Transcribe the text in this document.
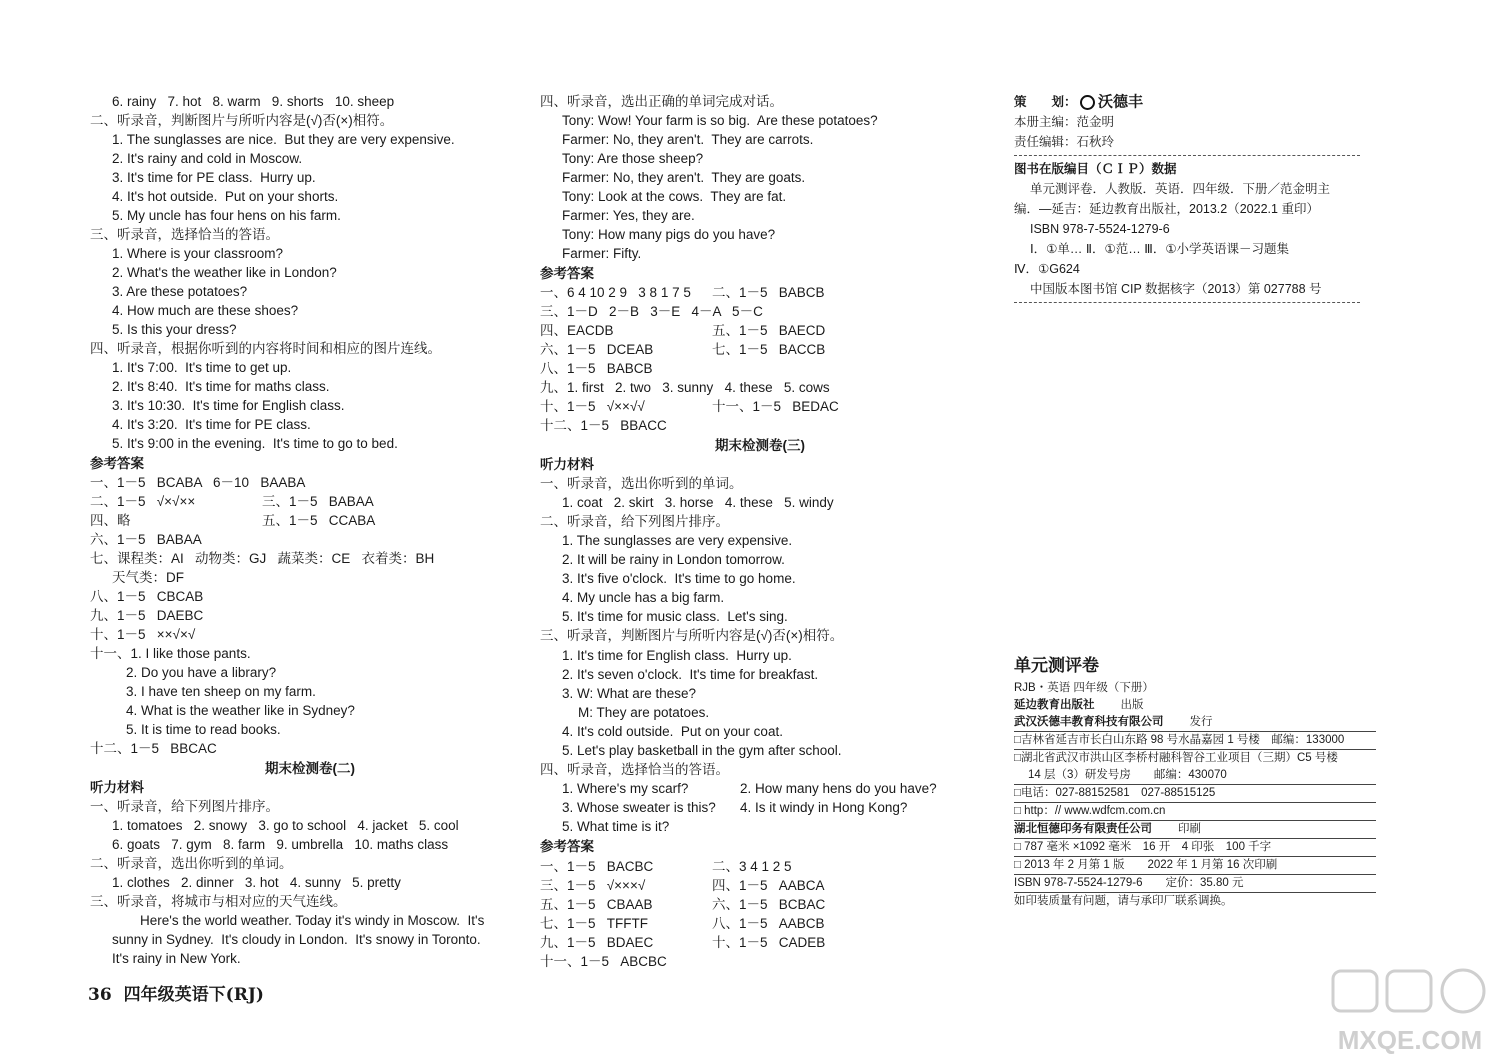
6. rainy   7. hot   8. warm   9. shorts   10. sheep
二、听录音，判断图片与所听内容是(√)否(×)相符。
1. The sunglasses are nice.  But they are very expensive.
2. It's rainy and cold in Moscow.
3. It's time for PE class.  Hurry up.
4. It's hot outside.  Put on your shorts.
5. My uncle has four hens on his farm.
三、听录音，选择恰当的答语。
1. Where is your classroom?
2. What's the weather like in London?
3. Are these potatoes?
4. How much are these shoes?
5. Is this your dress?
四、听录音，根据你听到的内容将时间和相应的图片连线。
1. It's 7:00.  It's time to get up.
2. It's 8:40.  It's time for maths class.
3. It's 10:30.  It's time for English class.
4. It's 3:20.  It's time for PE class.
5. It's 9:00 in the evening.  It's time to go to bed.
参考答案
一、1－5   BCABA   6－10   BAABA
二、1－5   √×√××	三、1－5   BABAA
四、略	五、1－5   CCABA
六、1－5   BABAA
七、课程类：AI   动物类：GJ   蔬菜类：CE   衣着类：BH
天气类：DF
八、1－5   CBCAB
九、1－5   DAEBC
十、1－5   ××√×√
十一、1. I like those pants.
2. Do you have a library?
3. I have ten sheep on my farm.
4. What is the weather like in Sydney?
5. It is time to read books.
十二、1－5   BBCAC
期末检测卷(二)
听力材料
一、听录音，给下列图片排序。
1. tomatoes   2. snowy   3. go to school   4. jacket   5. cool
6. goats   7. gym   8. farm   9. umbrella   10. maths class
二、听录音，选出你听到的单词。
1. clothes   2. dinner   3. hot   4. sunny   5. pretty
三、听录音，将城市与相对应的天气连线。
Here's the world weather. Today it's windy in Moscow.  It's
sunny in Sydney.  It's cloudy in London.  It's snowy in Toronto.
It's rainy in New York.
四、听录音，选出正确的单词完成对话。
Tony: Wow! Your farm is so big.  Are these potatoes?
Farmer: No, they aren't.  They are carrots.
Tony: Are those sheep?
Farmer: No, they aren't.  They are goats.
Tony: Look at the cows.  They are fat.
Farmer: Yes, they are.
Tony: How many pigs do you have?
Farmer: Fifty.
参考答案
一、6 4 10 2 9   3 8 1 7 5 二、1－5   BABCB
三、1－D   2－B   3－E   4－A   5－C
四、EACDB	五、1－5   BAECD
六、1－5   DCEAB	七、1－5   BACCB
八、1－5   BABCB
九、1. first   2. two   3. sunny   4. these   5. cows
十、1－5   √××√√	十一、1－5   BEDAC
十二、1－5   BBACC
期末检测卷(三)
听力材料
一、听录音，选出你听到的单词。
1. coat   2. skirt   3. horse   4. these   5. windy
二、听录音，给下列图片排序。
1. The sunglasses are very expensive.
2. It will be rainy in London tomorrow.
3. It's five o'clock.  It's time to go home.
4. My uncle has a big farm.
5. It's time for music class.  Let's sing.
三、听录音，判断图片与所听内容是(√)否(×)相符。
1. It's time for English class.  Hurry up.
2. It's seven o'clock.  It's time for breakfast.
3. W: What are these?
M: They are potatoes.
4. It's cold outside.  Put on your coat.
5. Let's play basketball in the gym after school.
四、听录音，选择恰当的答语。
1. Where's my scarf?	2. How many hens do you have?
3. Whose sweater is this? 4. Is it windy in Hong Kong?
5. What time is it?
参考答案
一、1－5   BACBC	二、3 4 1 2 5
三、1－5   √×××√	四、1－5   AABCA
五、1－5   CBAAB	六、1－5   BCBAC
七、1－5   TFFTF	八、1－5   AABCB
九、1－5   BDAEC	十、1－5   CADEB
十一、1－5   ABCBC
36 四年级英语下(RJ)
策　　划： 沃德丰
本册主编：范金明
责任编辑：石秋玲
图书在版编目（ＣＩＰ）数据
单元测评卷．人教版．英语．四年级．下册／范金明主
编．—延吉：延边教育出版社，2013.2（2022.1 重印）
ISBN 978-7-5524-1279-6
Ⅰ．①单… Ⅱ．①范… Ⅲ．①小学英语课－习题集
Ⅳ．①G624
中国版本图书馆 CIP 数据核字（2013）第 027788 号
单元测评卷
RJB・英语 四年级（下册）
延边教育出版社 出版
武汉沃德丰教育科技有限公司 发行
□吉林省延吉市长白山东路 98 号水晶嘉园 1 号楼　邮编：133000
□湖北省武汉市洪山区李桥村融科智谷工业项目（三期）C5 号楼
14 层（3）研发号房　　邮编：430070
□电话：027-88152581　027-88515125
□ http：// www.wdfcm.com.cn
湖北恒德印务有限责任公司 印刷
□ 787 毫米 ×1092 毫米　16 开　4 印张　100 千字
□ 2013 年 2 月第 1 版　　2022 年 1 月第 16 次印刷
ISBN 978-7-5524-1279-6　　定价：35.80 元
如印装质量有问题，请与承印厂联系调换。
MXQE.COM
